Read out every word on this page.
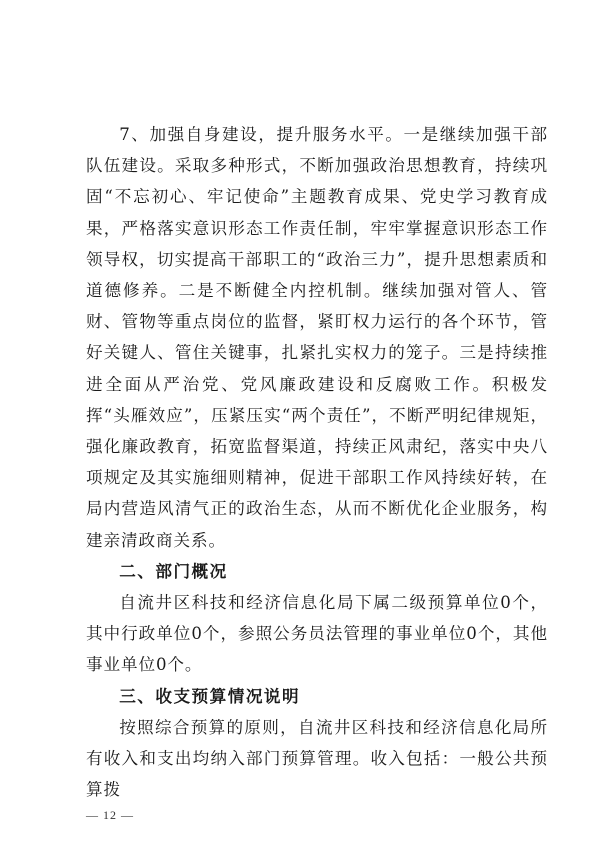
7、加强自身建设，提升服务水平。一是继续加强干部队伍建设。采取多种形式，不断加强政治思想教育，持续巩固“不忘初心、牢记使命”主题教育成果、党史学习教育成果，严格落实意识形态工作责任制，牢牢掌握意识形态工作领导权，切实提高干部职工的“政治三力”，提升思想素质和道德修养。二是不断健全内控机制。继续加强对管人、管财、管物等重点岗位的监督，紧盯权力运行的各个环节，管好关键人、管住关键事，扎紧扎实权力的笼子。三是持续推进全面从严治党、党风廉政建设和反腐败工作。积极发挥“头雁效应”，压紧压实“两个责任”，不断严明纪律规矩，强化廉政教育，拓宽监督渠道，持续正风肃纪，落实中央八项规定及其实施细则精神，促进干部职工作风持续好转，在局内营造风清气正的政治生态，从而不断优化企业服务，构建亲清政商关系。

二、部门概况

自流井区科技和经济信息化局下属二级预算单位0个，其中行政单位0个，参照公务员法管理的事业单位0个，其他事业单位0个。

三、收支预算情况说明

按照综合预算的原则，自流井区科技和经济信息化局所有收入和支出均纳入部门预算管理。收入包括：一般公共预算拨

— 12 —
